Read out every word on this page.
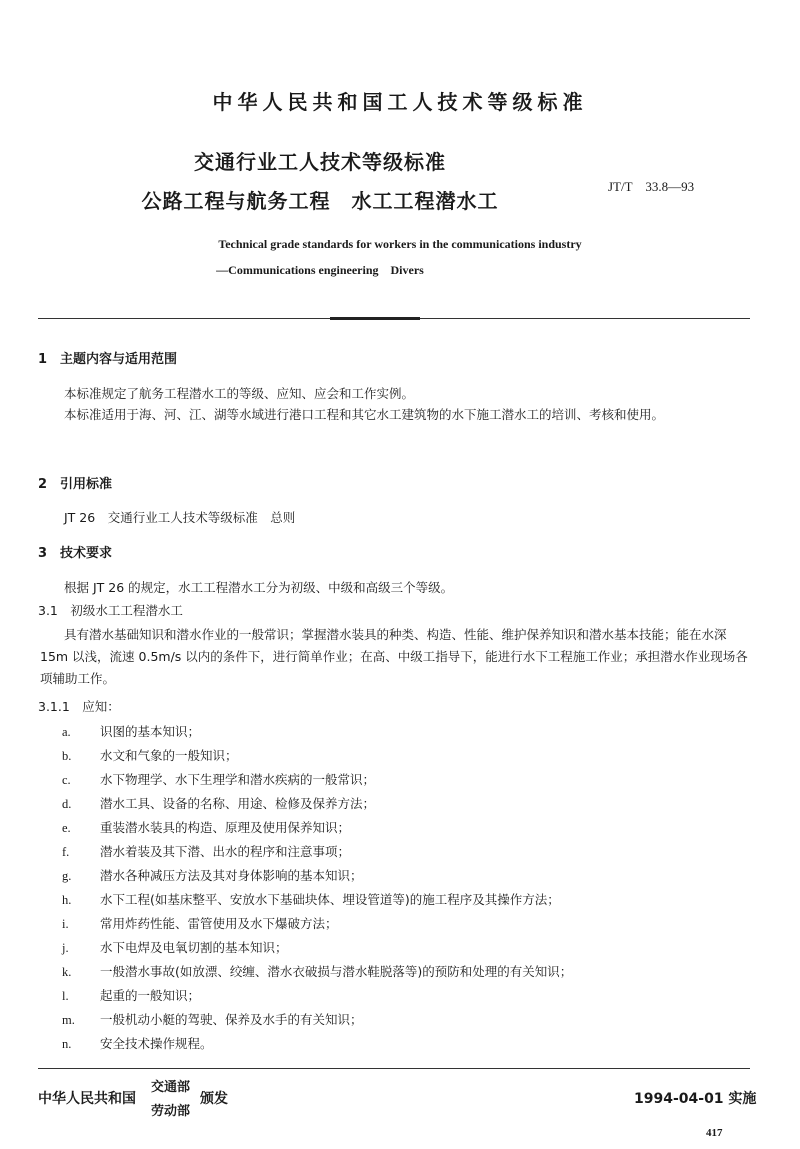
中华人民共和国工人技术等级标准
交通行业工人技术等级标准
公路工程与航务工程　水工工程潜水工
JT/T　33.8—93
Technical grade standards for workers in the communications industry
—Communications engineering　Divers
1　主题内容与适用范围
本标准规定了航务工程潜水工的等级、应知、应会和工作实例。
本标准适用于海、河、江、湖等水域进行港口工程和其它水工建筑物的水下施工潜水工的培训、考核和使用。
2　引用标准
JT 26　交通行业工人技术等级标准　总则
3　技术要求
根据 JT 26 的规定，水工工程潜水工分为初级、中级和高级三个等级。
3.1　初级水工工程潜水工
具有潜水基础知识和潜水作业的一般常识；掌握潜水装具的种类、构造、性能、维护保养知识和潜水基本技能；能在水深 15m 以浅，流速 0.5m/s 以内的条件下，进行简单作业；在高、中级工指导下，能进行水下工程施工作业；承担潜水作业现场各项辅助工作。
3.1.1　应知：
a. 识图的基本知识；
b. 水文和气象的一般知识；
c. 水下物理学、水下生理学和潜水疾病的一般常识；
d. 潜水工具、设备的名称、用途、检修及保养方法；
e. 重装潜水装具的构造、原理及使用保养知识；
f. 潜水着装及其下潜、出水的程序和注意事项；
g. 潜水各种减压方法及其对身体影响的基本知识；
h. 水下工程(如基床整平、安放水下基础块体、埋设管道等)的施工程序及其操作方法；
i.	常用炸药性能、雷管使用及水下爆破方法；
j.	水下电焊及电氧切割的基本知识；
k. 一般潜水事故(如放漂、绞缠、潜水衣破损与潜水鞋脱落等)的预防和处理的有关知识；
l.	起重的一般知识；
m. 一般机动小艇的驾驶、保养及水手的有关知识；
n. 安全技术操作规程。
中华人民共和国
交通部
劳动部
颁发	1994-04-01 实施
417
